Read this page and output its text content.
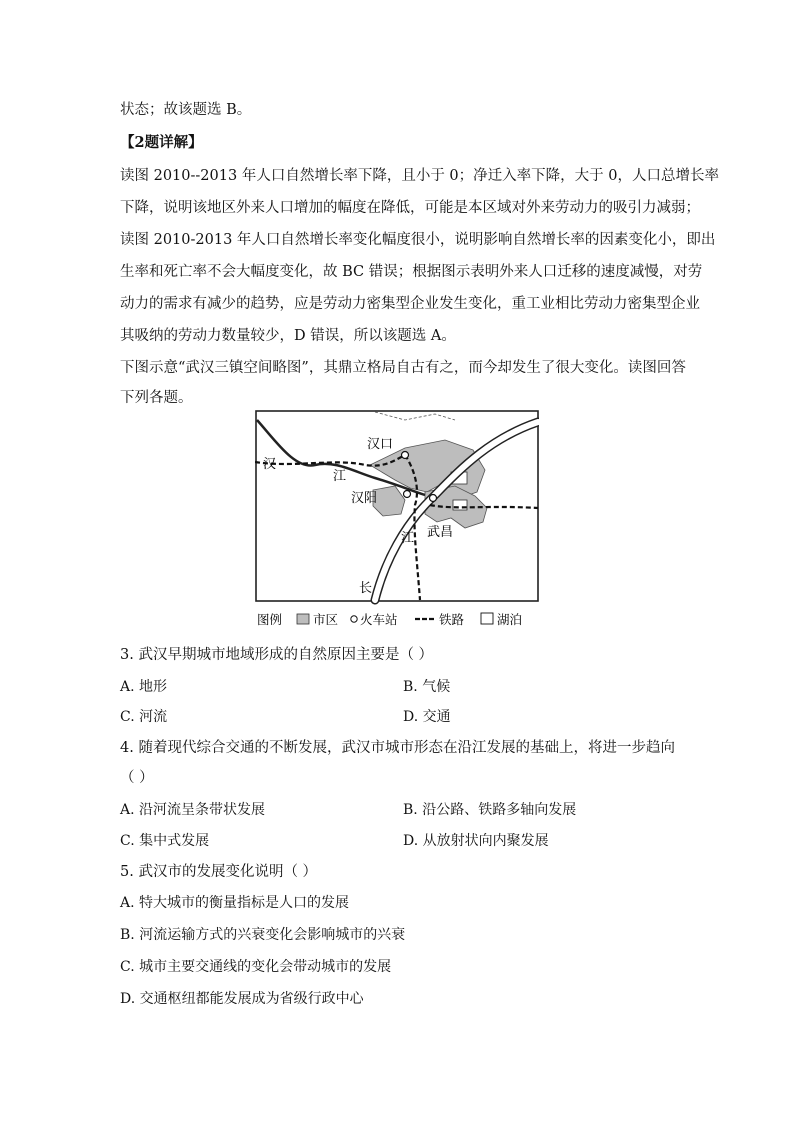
状态；故该题选 B。
【2题详解】
读图 2010--2013 年人口自然增长率下降，且小于 0；净迁入率下降，大于 0，人口总增长率
下降，说明该地区外来人口增加的幅度在降低，可能是本区域对外来劳动力的吸引力减弱；
读图 2010-2013 年人口自然增长率变化幅度很小，说明影响自然增长率的因素变化小，即出
生率和死亡率不会大幅度变化，故 BC 错误；根据图示表明外来人口迁移的速度减慢，对劳
动力的需求有减少的趋势，应是劳动力密集型企业发生变化，重工业相比劳动力密集型企业
其吸纳的劳动力数量较少，D 错误，所以该题选 A。
下图示意“武汉三镇空间略图”，其鼎立格局自古有之，而今却发生了很大变化。读图回答
下列各题。
汉
江
汉口
汉阳
江 武昌
长
图例 市区 火车站	铁路	湖泊
3. 武汉早期城市地域形成的自然原因主要是（ ）
A. 地形	B. 气候
C. 河流	D. 交通
4. 随着现代综合交通的不断发展，武汉市城市形态在沿江发展的基础上，将进一步趋向
（ ）
A. 沿河流呈条带状发展	B. 沿公路、铁路多轴向发展
C. 集中式发展	D. 从放射状向内聚发展
5. 武汉市的发展变化说明（ ）
A. 特大城市的衡量指标是人口的发展
B. 河流运输方式的兴衰变化会影响城市的兴衰
C. 城市主要交通线的变化会带动城市的发展
D. 交通枢纽都能发展成为省级行政中心
